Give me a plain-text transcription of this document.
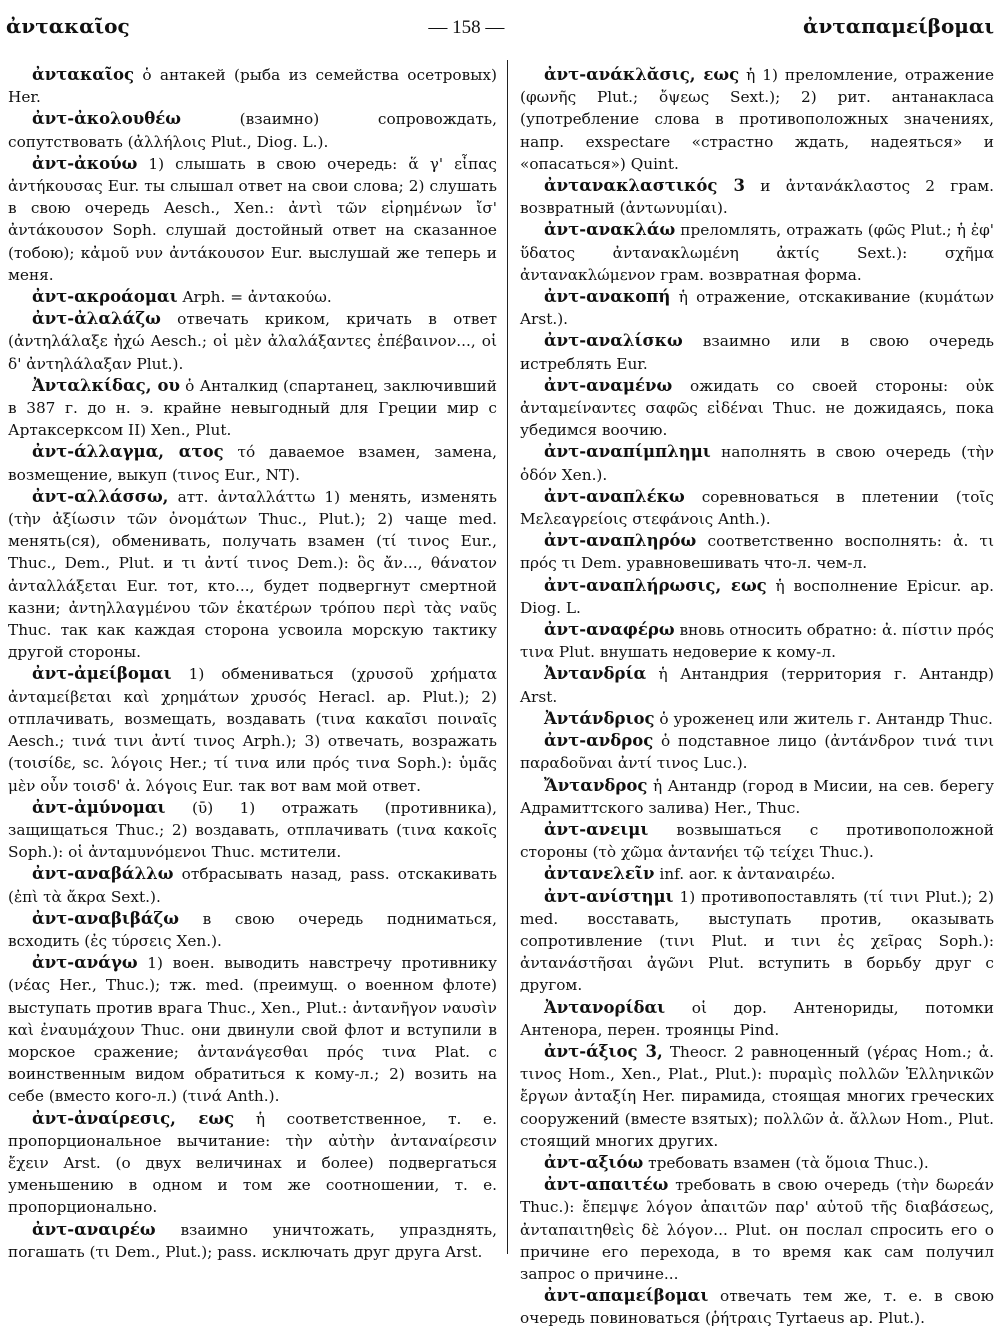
ἀντακαῖος	— 158 —	ἀνταπαμείβομαι

ἀντακαῖος ὁ антакей (рыба из семейства осетровых) Her.

ἀντ-ἀκολουθέω	(взаимно) сопровождать, сопутствовать (ἀλλήλοις Plut., Diog. L.).

ἀντ-ἀκούω 1) слышать в свою очередь: ἅ γ' εἶπας ἀντήκουσας Eur. ты слышал ответ на свои слова; 2) слушать в свою очередь Aesch., Xen.: ἀντὶ τῶν εἰρημένων ἴσ' ἀντάκουσον Soph. слушай достойный ответ на сказанное (тобою); κἀμοῦ νυν ἀντάκουσον Eur. выслушай же теперь и меня.

ἀντ-ακροάομαι Arph. = ἀντακούω.

ἀντ-ἀλαλάζω отвечать криком, кричать в ответ (ἀντηλάλαξε ἠχώ Aesch.; οἱ μὲν ἀλαλάξαντες ἐπέβαινον..., οἱ δ' ἀντηλάλαξαν Plut.).

Ἀνταλκίδας, ου ὁ Анталкид (спартанец, заключивший в 387 г. до н. э. крайне невыгодный для Греции мир с Артаксерксом II) Xen., Plut.

ἀντ-άλλαγμα, ατος τό даваемое взамен, замена, возмещение, выкуп (τινος Eur., NT).

ἀντ-αλλάσσω, атт. ἀνταλλάττω 1) менять, изменять (τὴν ἀξίωσιν τῶν ὀνομάτων Thuc., Plut.); 2) чаще med. менять(ся), обменивать, получать взамен (τί τινος Eur., Thuc., Dem., Plut. и τι ἀντί τινος Dem.): ὃς ἄν..., θάνατον ἀνταλλάξεται Eur. тот, кто..., будет подвергнут смертной казни; ἀντηλλαγμένου τῶν ἑκατέρων τρόπου περὶ τὰς ναῦς Thuc. так как каждая сторона усвоила морскую тактику другой стороны.

ἀντ-ἀμείβομαι 1) обмениваться (χρυσοῦ χρήματα ἀνταμείβεται καὶ χρημάτων χρυσός Heracl. ap. Plut.); 2) отплачивать, возмещать, воздавать (τινα κακαῖσι ποιναῖς Aesch.; τινά τινι ἀντί τινος Arph.); 3) отвечать, возражать (τοισίδε, sc. λόγοις Her.; τί τινα или πρός τινα Soph.): ὑμᾶς μὲν οὖν τοισδ' ἀ. λόγοις Eur. так вот вам мой ответ.

ἀντ-ἀμύνομαι (ῡ) 1) отражать (противника), защищаться Thuc.; 2) воздавать, отплачивать (τινα κακοῖς Soph.): οἱ ἀνταμυνόμενοι Thuc. мстители.

ἀντ-αναβάλλω отбрасывать назад, pass. отскакивать (ἐπὶ τὰ ἄκρα Sext.).

ἀντ-αναβιβάζω в свою очередь подниматься, всходить (ἐς τύρσεις Xen.).

ἀντ-ανάγω 1) воен. выводить навстречу противнику (νέας Her., Thuc.); тж. med. (преимущ. о военном флоте) выступать против врага Thuc., Xen., Plut.: ἀντανῆγον ναυσὶν καὶ ἐναυμάχουν Thuc. они двинули свой флот и вступили в морское сражение; ἀντανάγεσθαι πρός τινα Plat. с воинственным видом обратиться к кому-л.; 2) возить на себе (вместо кого-л.) (τινά Anth.).

ἀντ-ἀναίρεσις, εως ἡ соответственное, т. е. пропорциональное вычитание: τὴν αὐτὴν ἀνταναίρεσιν ἔχειν Arst. (о двух величинах и более) подвергаться уменьшению в одном и том же соотношении, т. е. пропорционально.

ἀντ-αναιρέω взаимно уничтожать, упразднять, погашать (τι Dem., Plut.); pass. исключать друг друга Arst.

ἀντ-ανάκλᾰσις, εως ἡ 1) преломление, отражение (φωνῆς Plut.; ὄψεως Sext.); 2) рит. антанакласа (употребление слова в противоположных значениях, напр. exspectare «страстно ждать, надеяться» и «опасаться») Quint.

ἀντανακλαστικός 3 и ἀντανάκλαστος 2 грам. возвратный (ἀντωνυμίαι).

ἀντ-ανακλάω преломлять, отражать (φῶς Plut.; ἡ ἐφ' ὕδατος ἀντανακλωμένη ἀκτίς Sext.): σχῆμα ἀντανακλώμενον грам. возвратная форма.

ἀντ-ανακοπή ἡ отражение, отскакивание (κυμάτων Arst.).

ἀντ-αναλίσκω взаимно или в свою очередь истреблять Eur.

ἀντ-αναμένω ожидать со своей стороны: οὐκ ἀνταμείναντες σαφῶς εἰδέναι Thuc. не дожидаясь, пока убедимся воочию.

ἀντ-αναπίμπλημι наполнять в свою очередь (τὴν ὁδόν Xen.).

ἀντ-αναπλέκω соревноваться в плетении (τοῖς Μελεαγρείοις στεφάνοις Anth.).

ἀντ-αναπληρόω соответственно восполнять: ἀ. τι πρός τι Dem. уравновешивать что-л. чем-л.

ἀντ-αναπλήρωσις, εως ἡ восполнение Epicur. ap. Diog. L.

ἀντ-αναφέρω вновь относить обратно: ἀ. πίστιν πρός τινα Plut. внушать недоверие к кому-л.

Ἀντανδρία ἡ Антандрия (территория г. Антандр) Arst.

Ἀντάνδριος ὁ уроженец или житель г. Антандр Thuc.

ἀντ-ανδρος ὁ подставное лицо (ἀντάνδρον τινά τινι παραδοῦναι ἀντί τινος Luc.).

Ἄντανδρος ἡ Антандр (город в Мисии, на сев. берегу Адрамиттского залива) Her., Thuc.

ἀντ-ανειμι возвышаться с противоположной стороны (τὸ χῶμα ἀντανήει τῷ τείχει Thuc.).

ἀντανελεῖν inf. aor. к ἀνταναιρέω.

ἀντ-ανίστημι 1) противопоставлять (τί τινι Plut.); 2) med. восставать, выступать против, оказывать сопротивление (τινι Plut. и τινι ἐς χεῖρας Soph.): ἀντανάστῆσαι ἀγῶνι Plut. вступить в борьбу друг с другом.

Ἀντανορίδαι οἱ дор. Антенориды, потомки Антенора, перен. троянцы Pind.

ἀντ-άξιος 3, Theocr. 2 равноценный (γέρας Hom.; ἀ. τινος Hom., Xen., Plat., Plut.): πυραμὶς πολλῶν Ἑλληνικῶν ἔργων ἀνταξίη Her. пирамида, стоящая многих греческих сооружений (вместе взятых); πολλῶν ἀ. ἄλλων Hom., Plut. стоящий многих других.

ἀντ-αξιόω требовать взамен (τὰ ὅμοια Thuc.).

ἀντ-απαιτέω требовать в свою очередь (τὴν δωρεάν Thuc.): ἔπεμψε λόγον ἀπαιτῶν παρ' αὐτοῦ τῆς διαβάσεως, ἀνταπαιτηθεὶς δὲ λόγον... Plut. он послал спросить его о причине его перехода, в то время как сам получил запрос о причине...

ἀντ-απαμείβομαι отвечать тем же, т. е. в свою очередь повиноваться (ῥήτραις Tyrtaeus ap. Plut.).
